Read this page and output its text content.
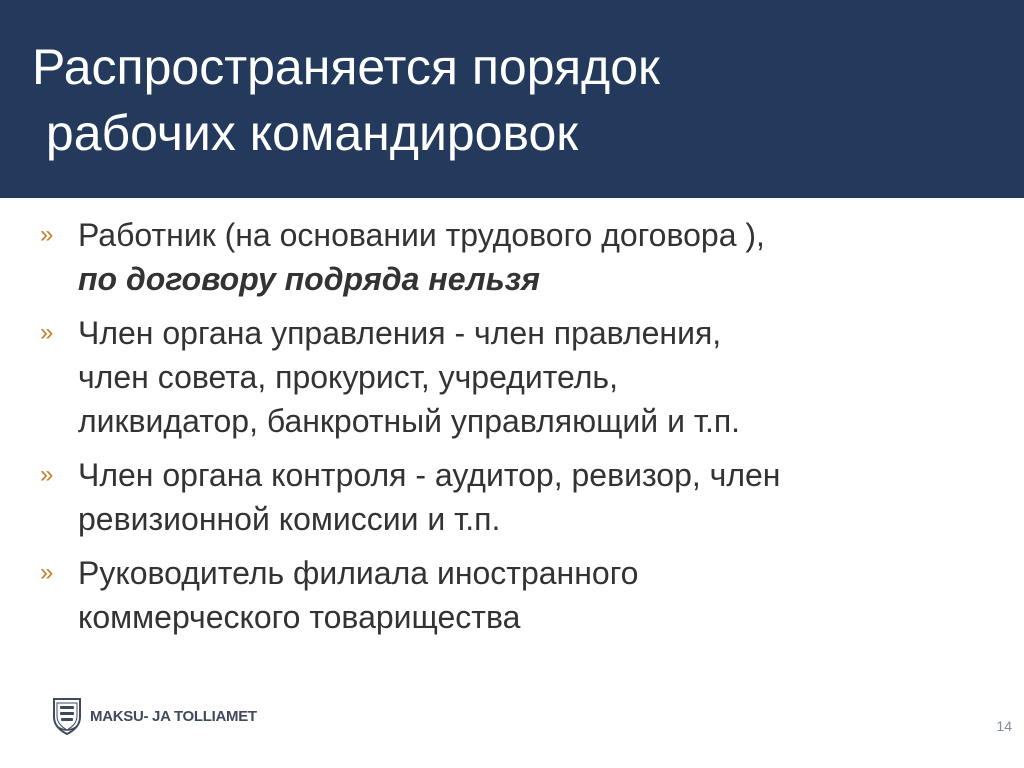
Распространяется порядок
рабочих командировок
» Работник (на основании трудового договора ),
по договору подряда нельзя
» Член органа управления - член правления,
член совета, прокурист, учредитель,
ликвидатор, банкротный управляющий и т.п.
» Член органа контроля - аудитор, ревизор, член
ревизионной комиссии и т.п.
» Руководитель филиала иностранного
коммерческого товарищества
MAKSU- JA TOLLIAMET
14
